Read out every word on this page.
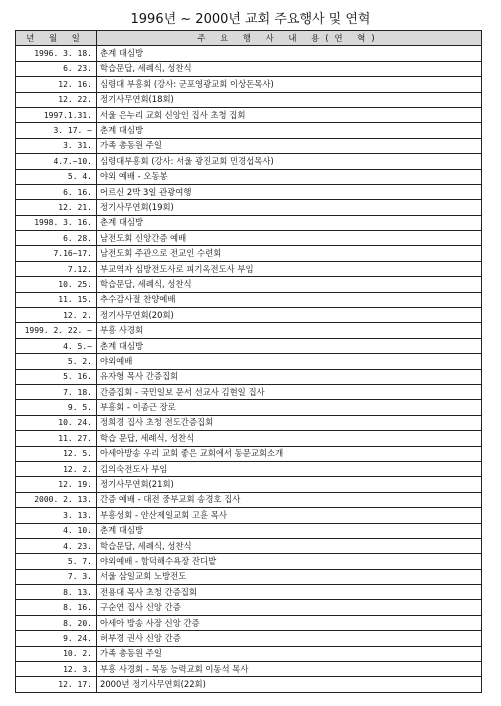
1996년 ~ 2000년 교회 주요행사 및 연혁
년 월 일	주 요 행 사 내 용(연 혁)
1996. 3. 18.	춘계 대심방
6. 23.	학습문답, 세례식, 성찬식
12. 16.	심령대 부흥회 (강사: 군포영광교회 이상돈목사)
12. 22.	정기사무연회(18회)
1997.1.31.	서울 은누리 교회 신앙인 집사 초청 집회
3. 17. ~	춘계 대심방
3. 31.	가족 총동원 주일
4.7.~10.	심령대부흥회 (강사: 서울 광진교회 민경섭목사)
5. 4.	야외 예배 - 오동봉
6. 16.	어르신 2박 3일 관광여행
12. 21.	정기사무연회(19회)
1998. 3. 16.	춘계 대심방
6. 28.	남전도회 신앙간증 예배
7.16~17.	남전도회 주관으로 전교인 수련회
7.12.	부교역자 심방전도사로 피기옥전도사 부임
10. 25.	학습문답, 세례식, 성찬식
11. 15.	추수감사절 찬양예배
12. 2.	정기사무연회(20회)
1999. 2. 22. ~	부흥 사경회
4. 5.~	춘계 대심방
5. 2.	야외예배
5. 16.	유자형 목사 간증집회
7. 18.	간증집회 - 국민일보 문서 선교사 김현일 집사
9. 5.	부흥회 - 이종근 장로
10. 24.	정희경 집사 초청 전도간증집회
11. 27.	학습 문답, 세례식, 성찬식
12. 5.	아세아방송 우리 교회 좋은 교회에서 동문교회소개
12. 2.	김의숙전도사 부임
12. 19.	정기사무연회(21회)
2000. 2. 13.	간증 예배 - 대전 중부교회 송경호 집사
3. 13.	부흥성회 - 안산제일교회 고훈 목사
4. 10.	춘계 대심방
4. 23.	학습문답, 세례식, 성찬식
5. 7.	야외예배 - 함덕해수욕장 잔디밭
7. 3.	서울 삼일교회 노방전도
8. 13.	전용대 목사 초청 간증집회
8. 16.	구순연 집사 신앙 간증
8. 20.	아세아 방송 사장 신앙 간증
9. 24.	허부경 권사 신앙 간증
10. 2.	가족 총동원 주일
12. 3.	부흥 사경회 - 목동 능력교회 이동석 목사
12. 17.	2000년 정기사무연회(22회)
